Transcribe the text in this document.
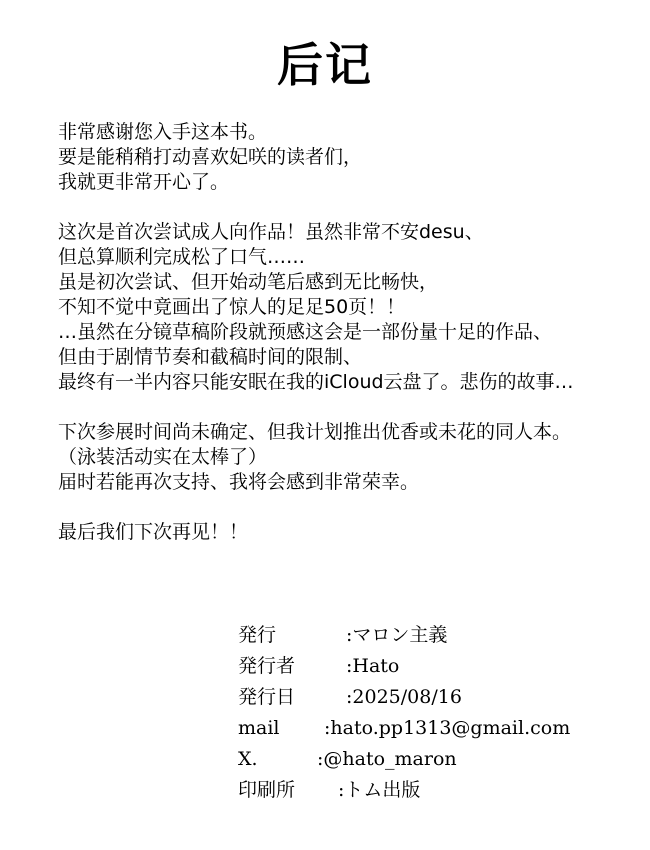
后记
非常感谢您入手这本书。
要是能稍稍打动喜欢妃咲的读者们，
我就更非常开心了。
这次是首次尝试成人向作品！虽然非常不安desu、
但总算顺利完成松了口气……
虽是初次尝试、但开始动笔后感到无比畅快，
不知不觉中竟画出了惊人的足足50页！！
…虽然在分镜草稿阶段就预感这会是一部份量十足的作品、
但由于剧情节奏和截稿时间的限制、
最终有一半内容只能安眠在我的iCloud云盘了。悲伤的故事…
下次参展时间尚未确定、但我计划推出优香或未花的同人本。
（泳装活动实在太棒了）
届时若能再次支持、我将会感到非常荣幸。
最后我们下次再见！！
発行	:マロン主義
発行者	:Hato
発行日	:2025/08/16
mail :hato.pp1313@gmail.com
X.	:@hato_maron
印刷所 :トム出版
